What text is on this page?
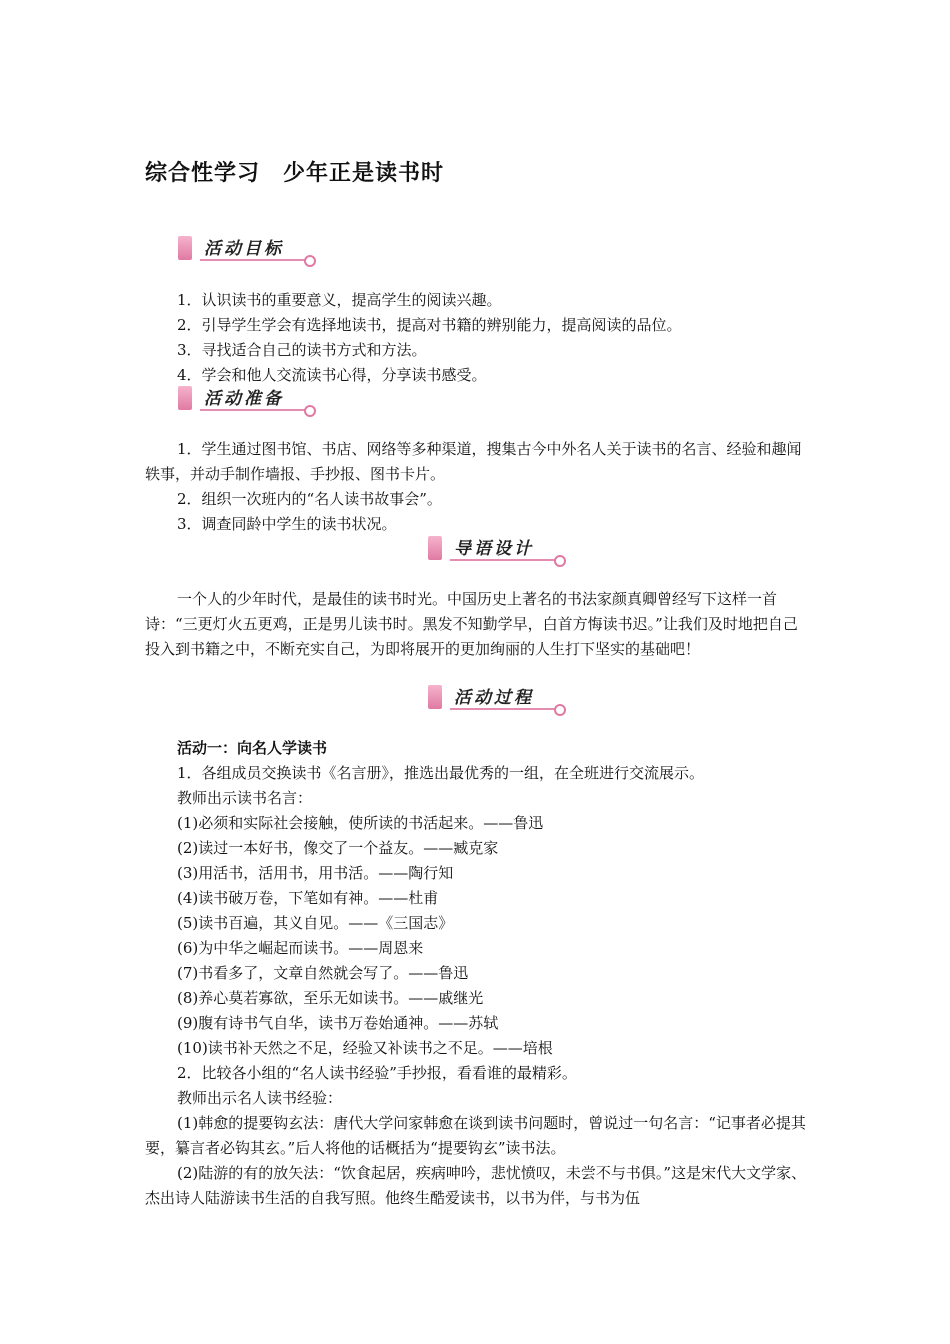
综合性学习　少年正是读书时
活动目标

1．认识读书的重要意义，提高学生的阅读兴趣。

2．引导学生学会有选择地读书，提高对书籍的辨别能力，提高阅读的品位。

3．寻找适合自己的读书方式和方法。

4．学会和他人交流读书心得，分享读书感受。

活动准备

1．学生通过图书馆、书店、网络等多种渠道，搜集古今中外名人关于读书的名言、经验和趣闻轶事，并动手制作墙报、手抄报、图书卡片。

2．组织一次班内的“名人读书故事会”。

3．调查同龄中学生的读书状况。

导语设计

一个人的少年时代，是最佳的读书时光。中国历史上著名的书法家颜真卿曾经写下这样一首诗：“三更灯火五更鸡，正是男儿读书时。黑发不知勤学早，白首方悔读书迟。”让我们及时地把自己投入到书籍之中，不断充实自己，为即将展开的更加绚丽的人生打下坚实的基础吧！

活动过程

活动一：向名人学读书

1．各组成员交换读书《名言册》，推选出最优秀的一组，在全班进行交流展示。

教师出示读书名言：

(1)必须和实际社会接触，使所读的书活起来。——鲁迅

(2)读过一本好书，像交了一个益友。——臧克家

(3)用活书，活用书，用书活。——陶行知

(4)读书破万卷，下笔如有神。——杜甫

(5)读书百遍，其义自见。——《三国志》

(6)为中华之崛起而读书。——周恩来

(7)书看多了，文章自然就会写了。——鲁迅

(8)养心莫若寡欲，至乐无如读书。——戚继光

(9)腹有诗书气自华，读书万卷始通神。——苏轼

(10)读书补天然之不足，经验又补读书之不足。——培根

2．比较各小组的“名人读书经验”手抄报，看看谁的最精彩。

教师出示名人读书经验：

(1)韩愈的提要钩玄法：唐代大学问家韩愈在谈到读书问题时，曾说过一句名言：“记事者必提其要，纂言者必钩其玄。”后人将他的话概括为“提要钩玄”读书法。

(2)陆游的有的放矢法：“饮食起居，疾病呻吟，悲忧愤叹，未尝不与书俱。”这是宋代大文学家、杰出诗人陆游读书生活的自我写照。他终生酷爱读书，以书为伴，与书为伍
